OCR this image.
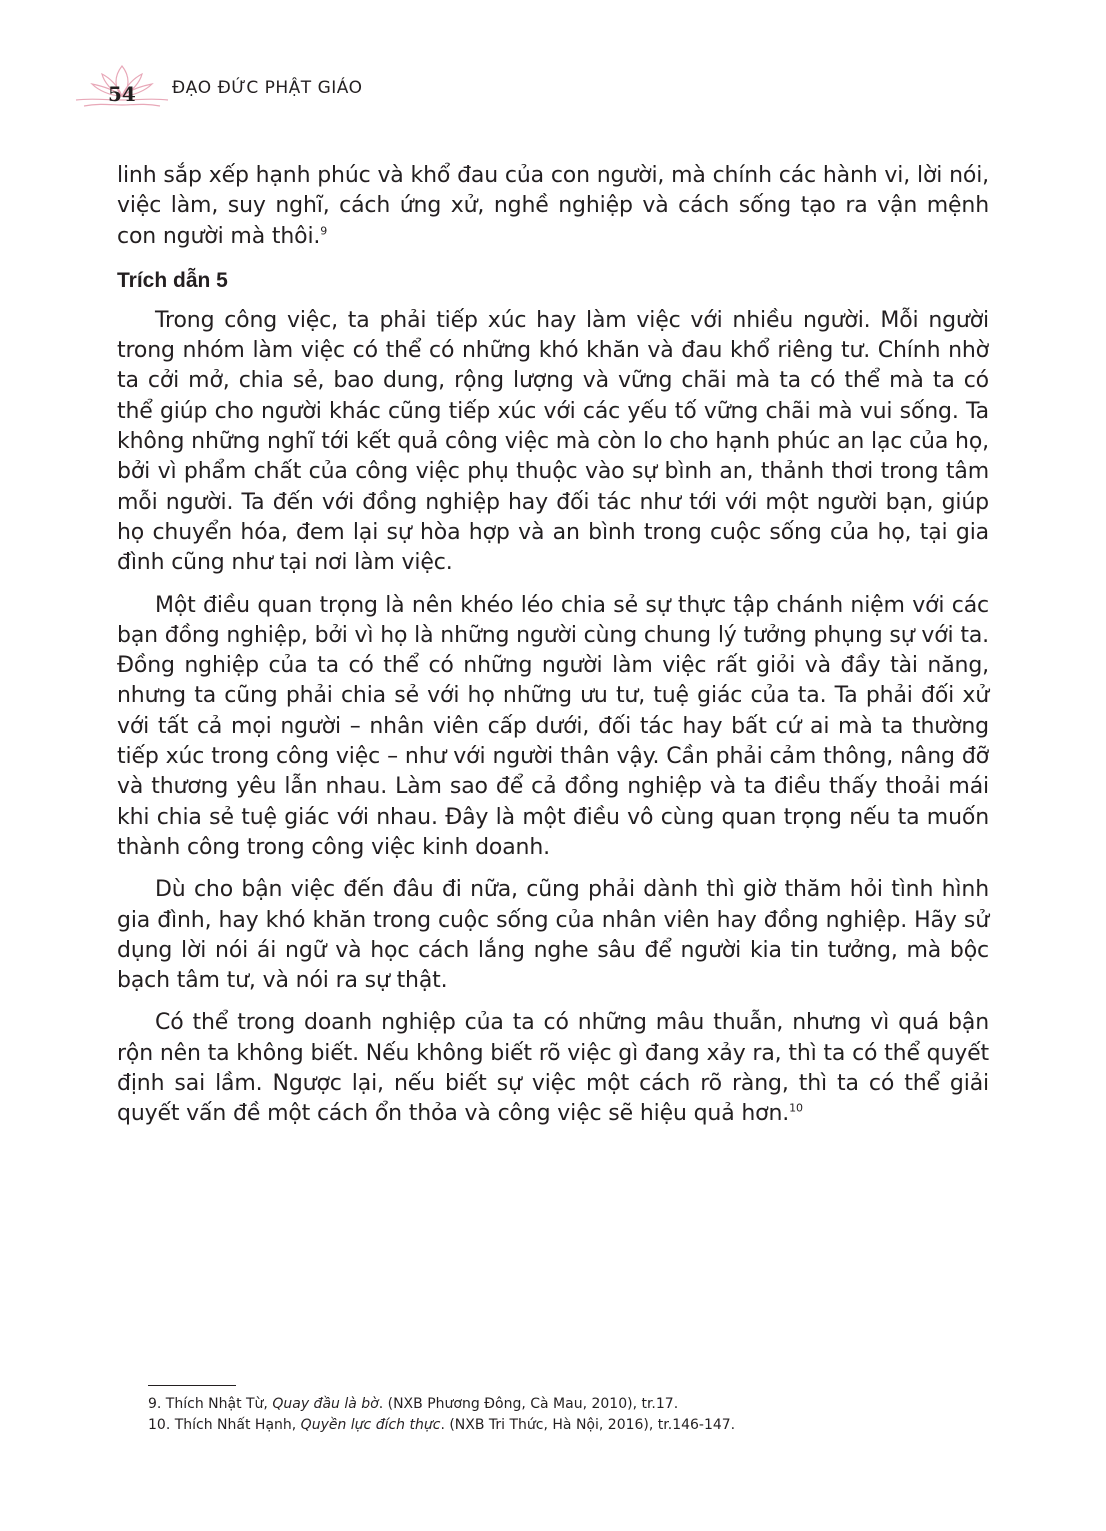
54 ĐẠO ĐỨC PHẬT GIÁO

linh sắp xếp hạnh phúc và khổ đau của con người, mà chính các hành vi, lời nói, việc làm, suy nghĩ, cách ứng xử, nghề nghiệp và cách sống tạo ra vận mệnh con người mà thôi.$^9$

Trích dẫn 5

Trong công việc, ta phải tiếp xúc hay làm việc với nhiều người. Mỗi người trong nhóm làm việc có thể có những khó khăn và đau khổ riêng tư. Chính nhờ ta cởi mở, chia sẻ, bao dung, rộng lượng và vững chãi mà ta có thể mà ta có thể giúp cho người khác cũng tiếp xúc với các yếu tố vững chãi mà vui sống. Ta không những nghĩ tới kết quả công việc mà còn lo cho hạnh phúc an lạc của họ, bởi vì phẩm chất của công việc phụ thuộc vào sự bình an, thảnh thơi trong tâm mỗi người. Ta đến với đồng nghiệp hay đối tác như tới với một người bạn, giúp họ chuyển hóa, đem lại sự hòa hợp và an bình trong cuộc sống của họ, tại gia đình cũng như tại nơi làm việc.

Một điều quan trọng là nên khéo léo chia sẻ sự thực tập chánh niệm với các bạn đồng nghiệp, bởi vì họ là những người cùng chung lý tưởng phụng sự với ta. Đồng nghiệp của ta có thể có những người làm việc rất giỏi và đầy tài năng, nhưng ta cũng phải chia sẻ với họ những ưu tư, tuệ giác của ta. Ta phải đối xử với tất cả mọi người – nhân viên cấp dưới, đối tác hay bất cứ ai mà ta thường tiếp xúc trong công việc – như với người thân vậy. Cần phải cảm thông, nâng đỡ và thương yêu lẫn nhau. Làm sao để cả đồng nghiệp và ta điều thấy thoải mái khi chia sẻ tuệ giác với nhau. Đây là một điều vô cùng quan trọng nếu ta muốn thành công trong công việc kinh doanh.

Dù cho bận việc đến đâu đi nữa, cũng phải dành thì giờ thăm hỏi tình hình gia đình, hay khó khăn trong cuộc sống của nhân viên hay đồng nghiệp. Hãy sử dụng lời nói ái ngữ và học cách lắng nghe sâu để người kia tin tưởng, mà bộc bạch tâm tư, và nói ra sự thật.

Có thể trong doanh nghiệp của ta có những mâu thuẫn, nhưng vì quá bận rộn nên ta không biết. Nếu không biết rõ việc gì đang xảy ra, thì ta có thể quyết định sai lầm. Ngược lại, nếu biết sự việc một cách rõ ràng, thì ta có thể giải quyết vấn đề một cách ổn thỏa và công việc sẽ hiệu quả hơn.$^{10}$

9. Thích Nhật Từ, Quay đầu là bờ. (NXB Phương Đông, Cà Mau, 2010), tr.17.

10. Thích Nhất Hạnh, Quyền lực đích thực. (NXB Tri Thức, Hà Nội, 2016), tr.146-147.
